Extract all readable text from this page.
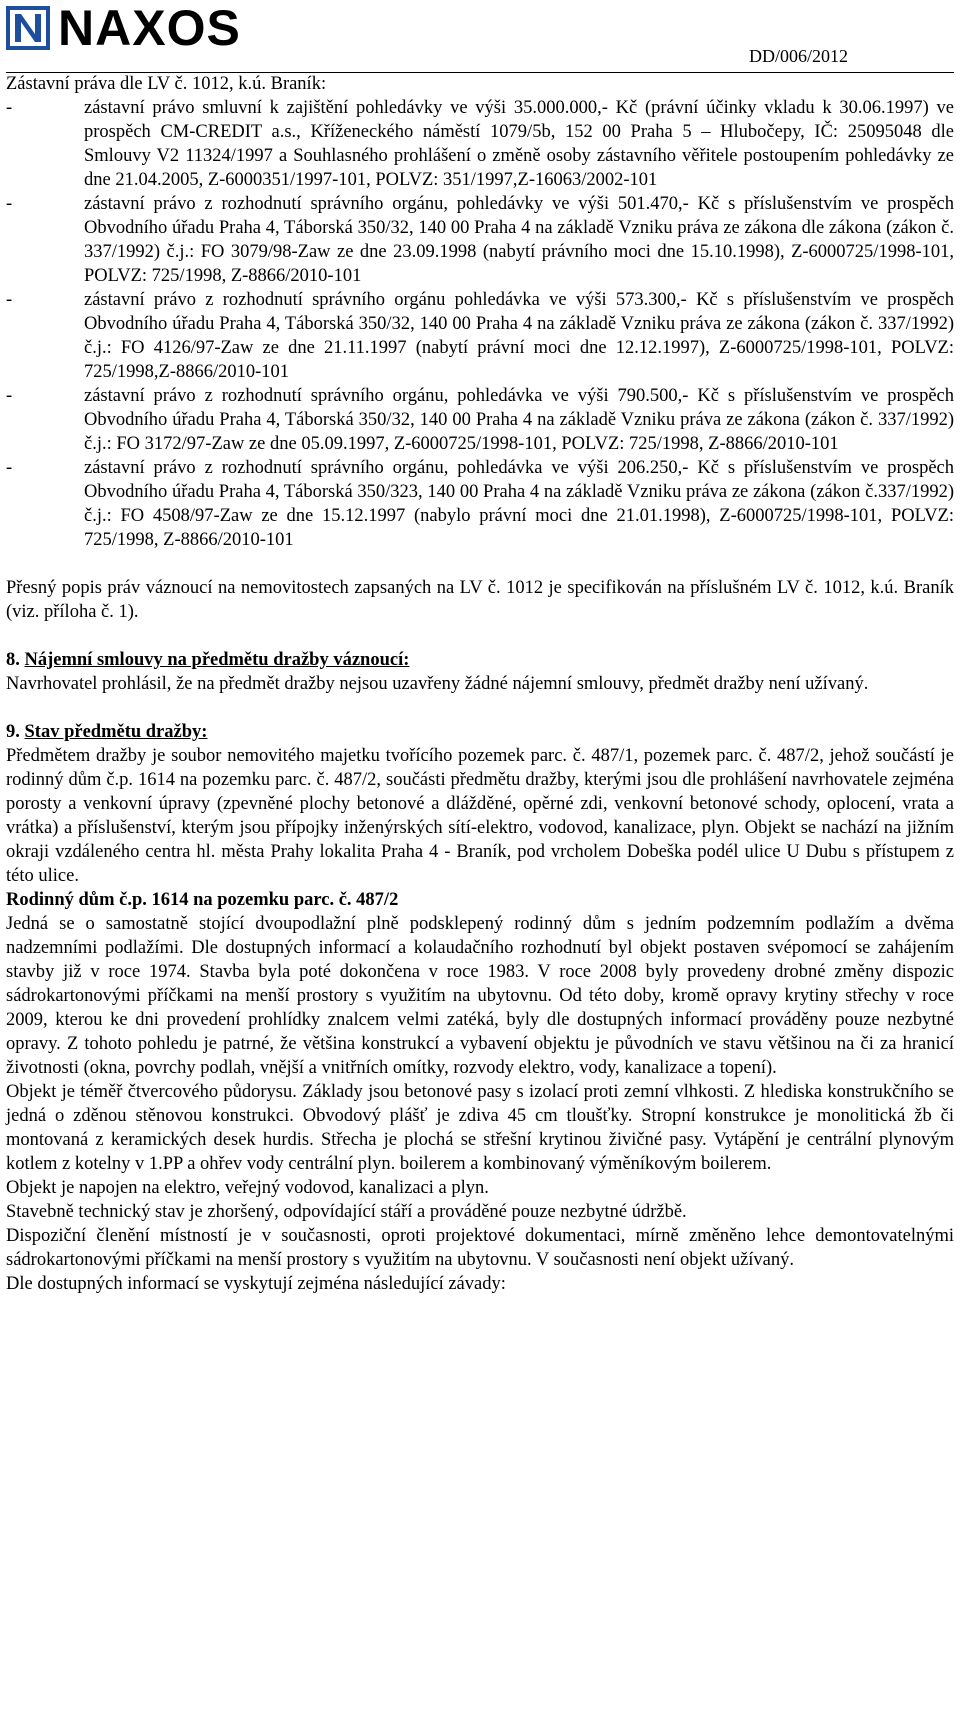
NAXOS	DD/006/2012

Zástavní práva dle LV č. 1012, k.ú. Braník:

-	zástavní právo smluvní k zajištění pohledávky ve výši 35.000.000,- Kč (právní účinky vkladu k 30.06.1997) ve prospěch CM-CREDIT a.s., Kříženeckého náměstí 1079/5b, 152 00 Praha 5 – Hlubočepy, IČ: 25095048 dle Smlouvy V2 11324/1997 a Souhlasného prohlášení o změně osoby zástavního věřitele postoupením pohledávky ze dne 21.04.2005, Z-6000351/1997-101, POLVZ: 351/1997,Z-16063/2002-101
-	zástavní právo z rozhodnutí správního orgánu, pohledávky ve výši 501.470,- Kč s příslušenstvím ve prospěch Obvodního úřadu Praha 4, Táborská 350/32, 140 00 Praha 4 na základě Vzniku práva ze zákona dle zákona (zákon č. 337/1992) č.j.: FO 3079/98-Zaw ze dne 23.09.1998 (nabytí právního moci dne 15.10.1998), Z-6000725/1998-101, POLVZ: 725/1998, Z-8866/2010-101
-	zástavní právo z rozhodnutí správního orgánu pohledávka ve výši 573.300,- Kč s příslušenstvím ve prospěch Obvodního úřadu Praha 4, Táborská 350/32, 140 00 Praha 4 na základě Vzniku práva ze zákona (zákon č. 337/1992) č.j.: FO 4126/97-Zaw ze dne 21.11.1997 (nabytí právní moci dne 12.12.1997), Z-6000725/1998-101, POLVZ: 725/1998,Z-8866/2010-101
-	zástavní právo z rozhodnutí správního orgánu, pohledávka ve výši 790.500,- Kč s příslušenstvím ve prospěch Obvodního úřadu Praha 4, Táborská 350/32, 140 00 Praha 4 na základě Vzniku práva ze zákona (zákon č. 337/1992) č.j.: FO 3172/97-Zaw ze dne 05.09.1997, Z-6000725/1998-101, POLVZ: 725/1998, Z-8866/2010-101
-	zástavní právo z rozhodnutí správního orgánu, pohledávka ve výši 206.250,- Kč s příslušenstvím ve prospěch Obvodního úřadu Praha 4, Táborská 350/323, 140 00 Praha 4 na základě Vzniku práva ze zákona (zákon č.337/1992) č.j.: FO 4508/97-Zaw ze dne 15.12.1997 (nabylo právní moci dne 21.01.1998), Z-6000725/1998-101, POLVZ: 725/1998, Z-8866/2010-101

Přesný popis práv váznoucí na nemovitostech zapsaných na LV č. 1012 je specifikován na příslušném LV č. 1012, k.ú. Braník (viz. příloha č. 1).

8. Nájemní smlouvy na předmětu dražby váznoucí:

Navrhovatel prohlásil, že na předmět dražby nejsou uzavřeny žádné nájemní smlouvy, předmět dražby není užívaný.

9. Stav předmětu dražby:

Předmětem dražby je soubor nemovitého majetku tvořícího pozemek parc. č. 487/1, pozemek parc. č. 487/2, jehož součástí je rodinný dům č.p. 1614 na pozemku parc. č. 487/2, součásti předmětu dražby, kterými jsou dle prohlášení navrhovatele zejména porosty a venkovní úpravy (zpevněné plochy betonové a dlážděné, opěrné zdi, venkovní betonové schody, oplocení, vrata a vrátka) a příslušenství, kterým jsou přípojky inženýrských sítí-elektro, vodovod, kanalizace, plyn. Objekt se nachází na jižním okraji vzdáleného centra hl. města Prahy lokalita Praha 4 - Braník, pod vrcholem Dobeška podél ulice U Dubu s přístupem z této ulice.

Rodinný dům č.p. 1614 na pozemku parc. č. 487/2

Jedná se o samostatně stojící dvoupodlažní plně podsklepený rodinný dům s jedním podzemním podlažím a dvěma nadzemními podlažími. Dle dostupných informací a kolaudačního rozhodnutí byl objekt postaven svépomocí se zahájením stavby již v roce 1974. Stavba byla poté dokončena v roce 1983. V roce 2008 byly provedeny drobné změny dispozic sádrokartonovými příčkami na menší prostory s využitím na ubytovnu. Od této doby, kromě opravy krytiny střechy v roce 2009, kterou ke dni provedení prohlídky znalcem velmi zatéká, byly dle dostupných informací prováděny pouze nezbytné opravy. Z tohoto pohledu je patrné, že většina konstrukcí a vybavení objektu je původních ve stavu většinou na či za hranicí životnosti (okna, povrchy podlah, vnější a vnitřních omítky, rozvody elektro, vody, kanalizace a topení).

Objekt je téměř čtvercového půdorysu. Základy jsou betonové pasy s izolací proti zemní vlhkosti. Z hlediska konstrukčního se jedná o zděnou stěnovou konstrukci. Obvodový plášť je zdiva 45 cm tloušťky. Stropní konstrukce je monolitická žb či montovaná z keramických desek hurdis. Střecha je plochá se střešní krytinou živičné pasy. Vytápění je centrální plynovým kotlem z kotelny v 1.PP a ohřev vody centrální plyn. boilerem a kombinovaný výměníkovým boilerem.

Objekt je napojen na elektro, veřejný vodovod, kanalizaci a plyn.

Stavebně technický stav je zhoršený, odpovídající stáří a prováděné pouze nezbytné údržbě.

Dispoziční členění místností je v současnosti, oproti projektové dokumentaci, mírně změněno lehce demontovatelnými sádrokartonovými příčkami na menší prostory s využitím na ubytovnu. V současnosti není objekt užívaný.

Dle dostupných informací se vyskytují zejména následující závady:
